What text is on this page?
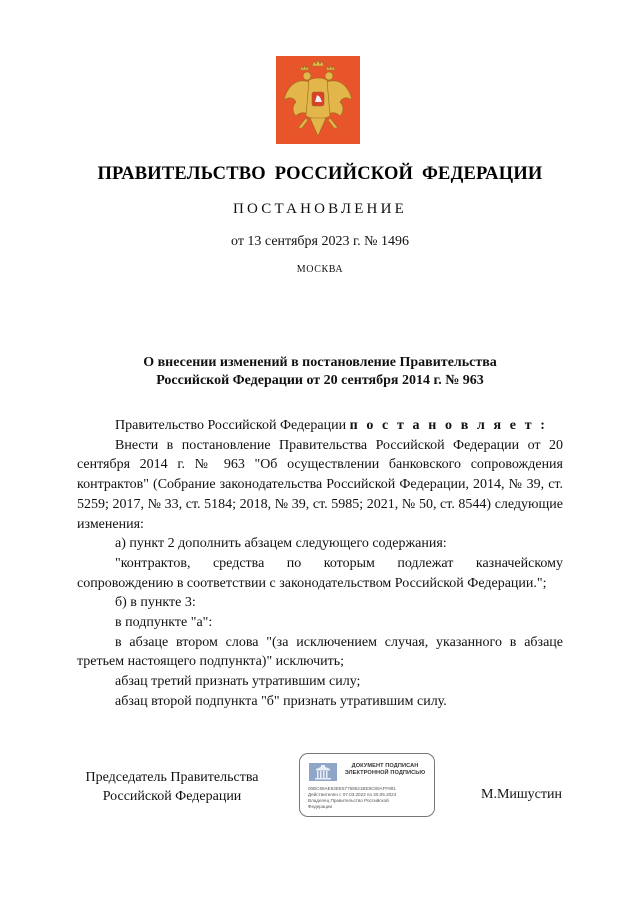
ПРАВИТЕЛЬСТВО РОССИЙСКОЙ ФЕДЕРАЦИИ
ПОСТАНОВЛЕНИЕ
от 13 сентября 2023 г. № 1496
МОСКВА
О внесении изменений в постановление Правительства
Российской Федерации от 20 сентября 2014 г. № 963

Правительство Российской Федерации п о с т а н о в л я е т :

Внести в постановление Правительства Российской Федерации от 20 сентября 2014 г. № 963 "Об осуществлении банковского сопровождения контрактов" (Собрание законодательства Российской Федерации, 2014, № 39, ст. 5259; 2017, № 33, ст. 5184; 2018, № 39, ст. 5985; 2021, № 50, ст. 8544) следующие изменения:

а) пункт 2 дополнить абзацем следующего содержания:

"контрактов, средства по которым подлежат казначейскому сопровождению в соответствии с законодательством Российской Федерации.";

б) в пункте 3:

в подпункте "а":

в абзаце втором слова "(за исключением случая, указанного в абзаце третьем настоящего подпункта)" исключить;

абзац третий признать утратившим силу;

абзац второй подпункта "б" признать утратившим силу.

Председатель Правительства
Российской Федерации
ДОКУМЕНТ ПОДПИСАН
ЭЛЕКТРОННОЙ ПОДПИСЬЮ
00BC69AE63EE67759521BE8C80AFF891
Действителен с 07.03.2023 по 30.05.2024
Владелец Правительство Российской
Федерации
М.Мишустин
